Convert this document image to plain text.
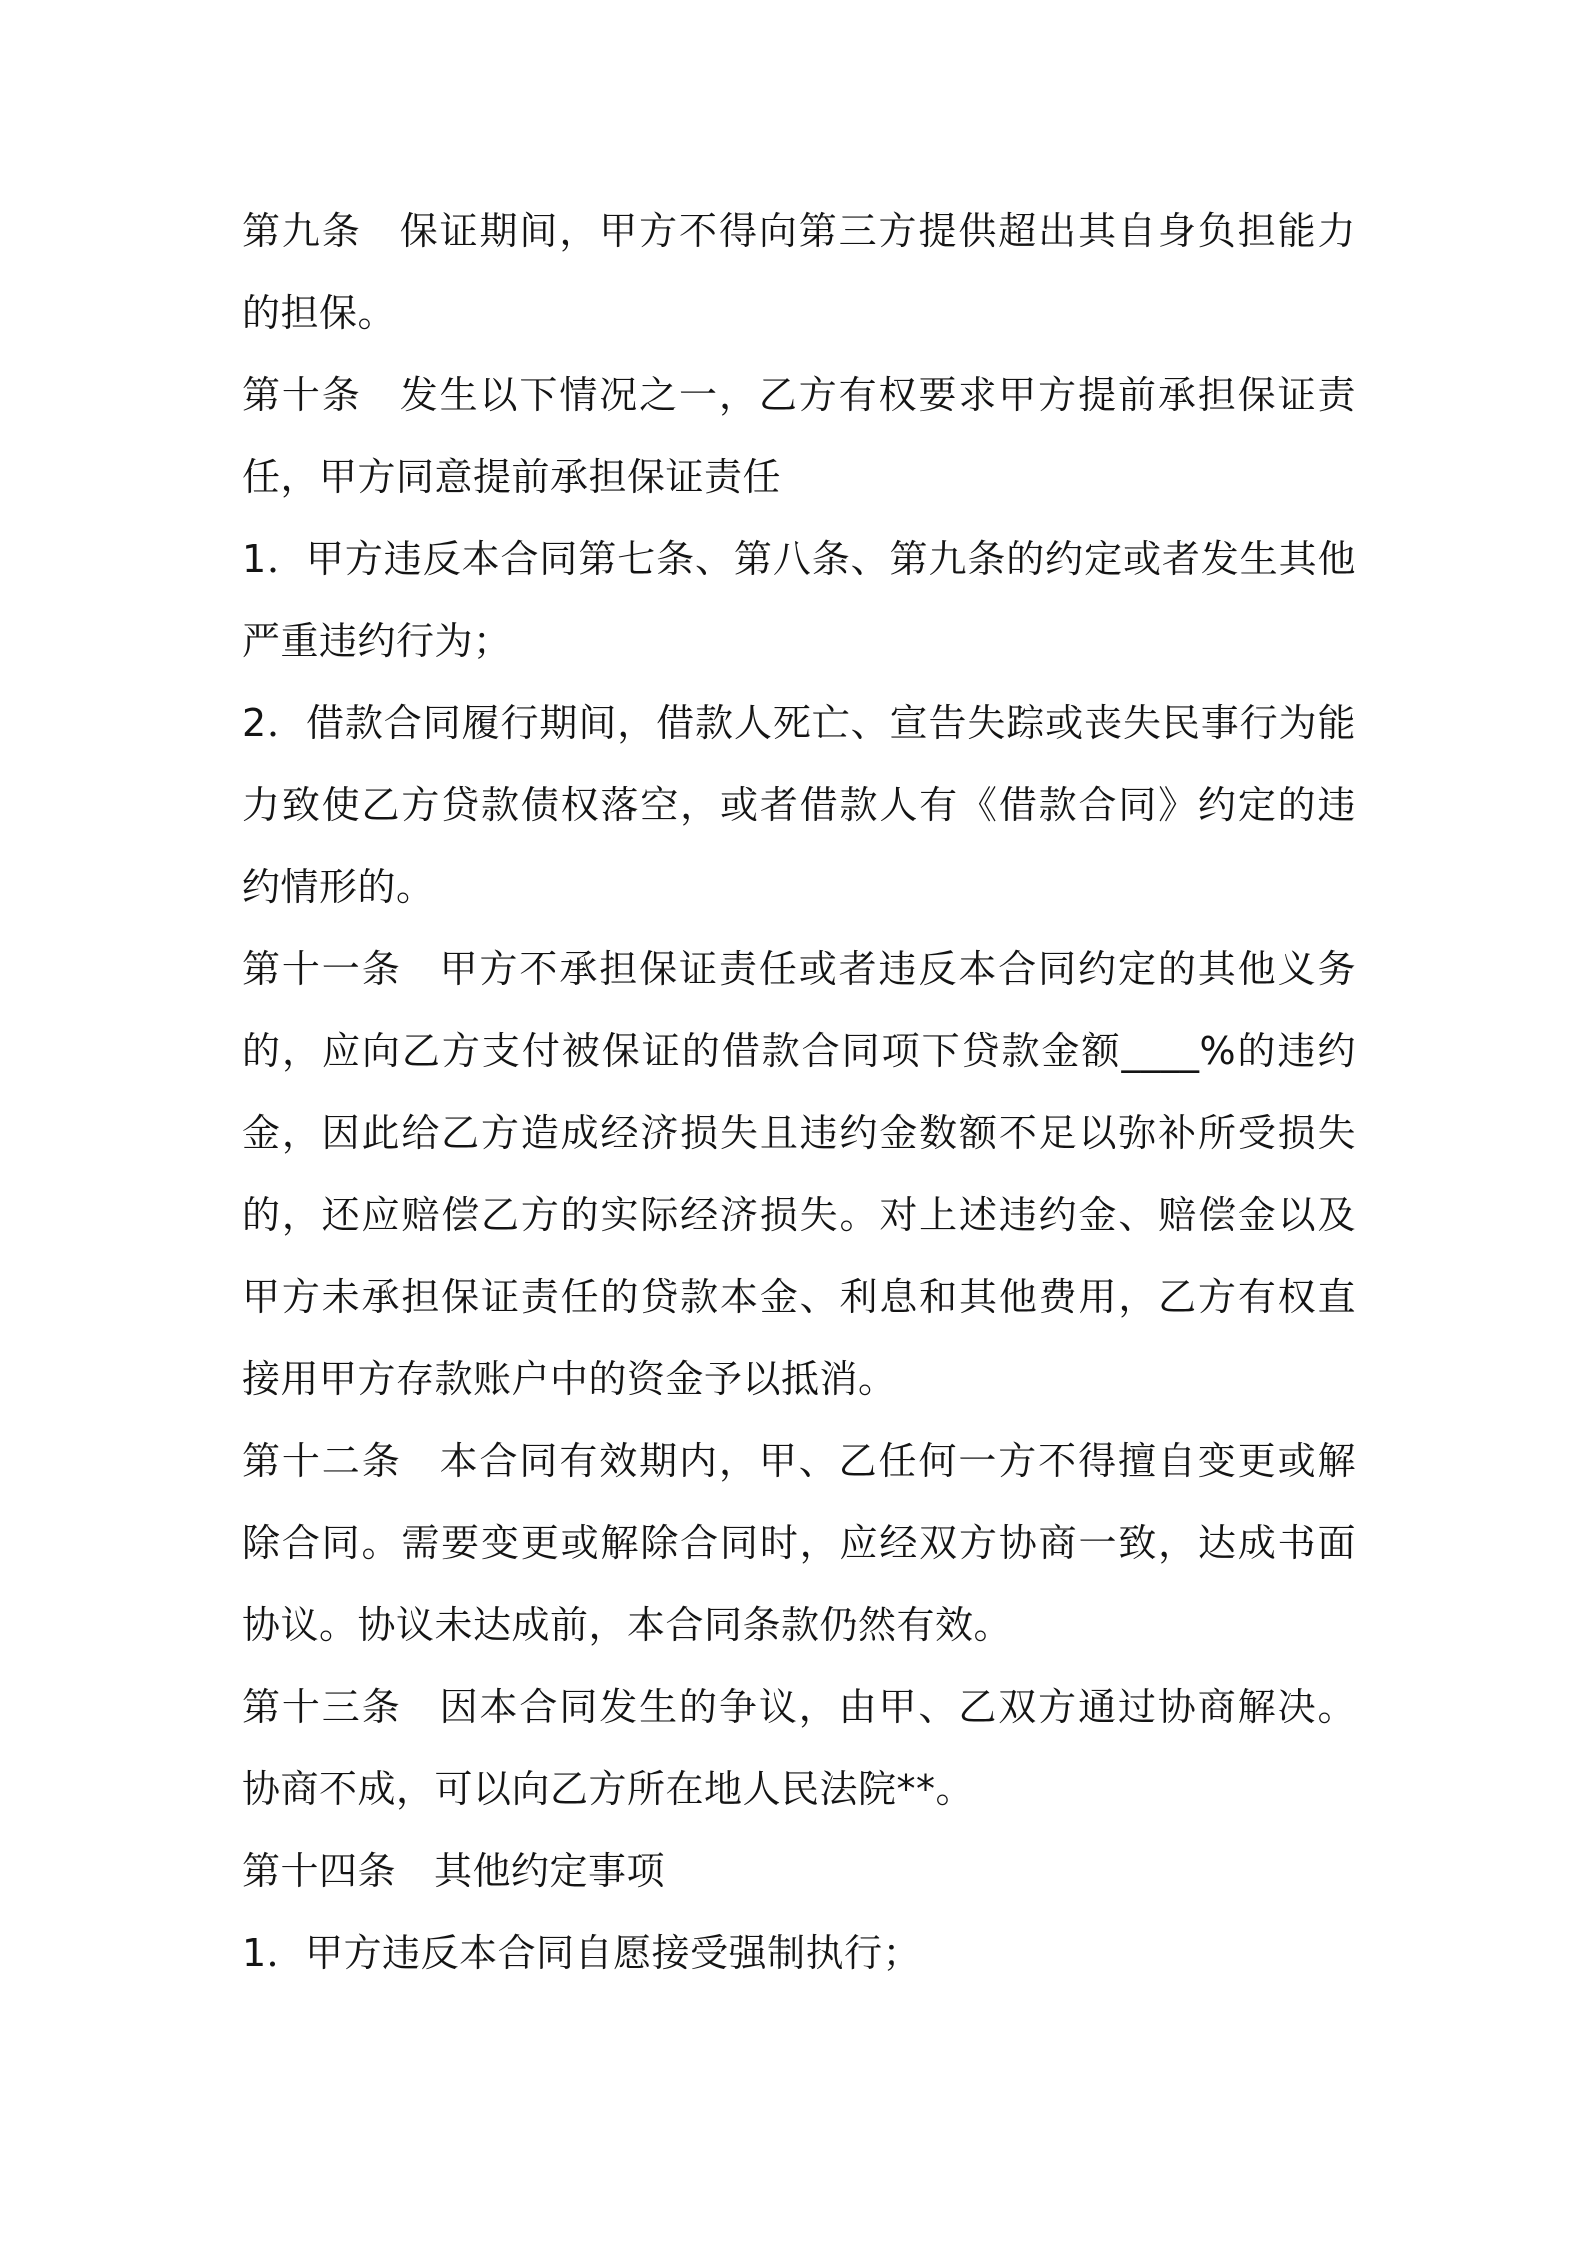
第九条 保证期间，甲方不得向第三方提供超出其自身负担能力的担保。

第十条 发生以下情况之一，乙方有权要求甲方提前承担保证责任，甲方同意提前承担保证责任

1．甲方违反本合同第七条、第八条、第九条的约定或者发生其他严重违约行为；

2．借款合同履行期间，借款人死亡、宣告失踪或丧失民事行为能力致使乙方贷款债权落空，或者借款人有《借款合同》约定的违约情形的。

第十一条 甲方不承担保证责任或者违反本合同约定的其他义务的，应向乙方支付被保证的借款合同项下贷款金额____%的违约金，因此给乙方造成经济损失且违约金数额不足以弥补所受损失的，还应赔偿乙方的实际经济损失。对上述违约金、赔偿金以及甲方未承担保证责任的贷款本金、利息和其他费用，乙方有权直接用甲方存款账户中的资金予以抵消。

第十二条 本合同有效期内，甲、乙任何一方不得擅自变更或解除合同。需要变更或解除合同时，应经双方协商一致，达成书面协议。协议未达成前，本合同条款仍然有效。

第十三条 因本合同发生的争议，由甲、乙双方通过协商解决。协商不成，可以向乙方所在地人民法院**。

第十四条 其他约定事项

1．甲方违反本合同自愿接受强制执行；
